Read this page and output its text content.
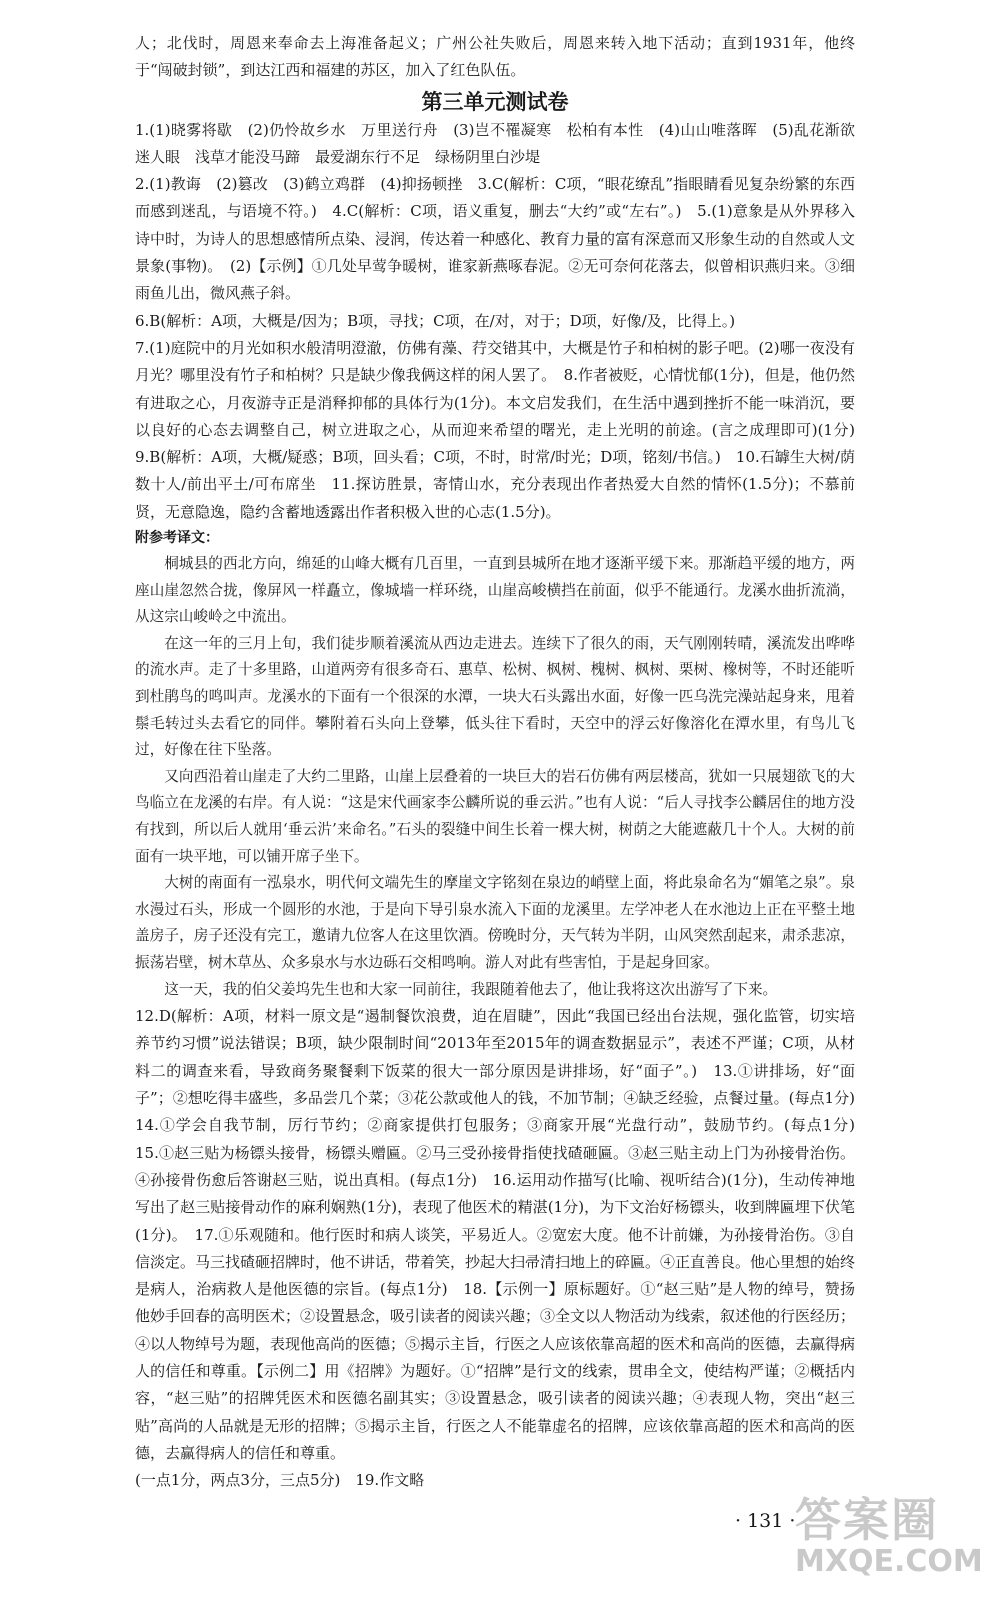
人；北伐时，周恩来奉命去上海准备起义；广州公社失败后，周恩来转入地下活动；直到1931年，他终于“闯破封锁”，到达江西和福建的苏区，加入了红色队伍。

第三单元测试卷

1.(1)晓雾将歇　(2)仍怜故乡水　万里送行舟　(3)岂不罹凝寒　松柏有本性　(4)山山唯落晖　(5)乱花渐欲迷人眼　浅草才能没马蹄　最爱湖东行不足　绿杨阴里白沙堤

2.(1)教诲　(2)篡改　(3)鹤立鸡群　(4)抑扬顿挫　3.C(解析：C项，“眼花缭乱”指眼睛看见复杂纷繁的东西而感到迷乱，与语境不符。)　4.C(解析：C项，语义重复，删去“大约”或“左右”。)　5.(1)意象是从外界移入诗中时，为诗人的思想感情所点染、浸润，传达着一种感化、教育力量的富有深意而又形象生动的自然或人文景象(事物)。　(2)【示例】①几处早莺争暖树，谁家新燕啄春泥。②无可奈何花落去，似曾相识燕归来。③细雨鱼儿出，微风燕子斜。

6.B(解析：A项，大概是/因为；B项，寻找；C项，在/对，对于；D项，好像/及，比得上。)

7.(1)庭院中的月光如积水般清明澄澈，仿佛有藻、荇交错其中，大概是竹子和柏树的影子吧。(2)哪一夜没有月光？哪里没有竹子和柏树？只是缺少像我俩这样的闲人罢了。　8.作者被贬，心情忧郁(1分)，但是，他仍然有进取之心，月夜游寺正是消释抑郁的具体行为(1分)。本文启发我们，在生活中遇到挫折不能一味消沉，要以良好的心态去调整自己，树立进取之心，从而迎来希望的曙光，走上光明的前途。(言之成理即可)(1分)　9.B(解析：A项，大概/疑惑；B项，回头看；C项，不时，时常/时光；D项，铭刻/书信。)　10.石罅生大树/荫数十人/前出平土/可布席坐　11.探访胜景，寄情山水，充分表现出作者热爱大自然的情怀(1.5分)；不慕前贤，无意隐逸，隐约含蓄地透露出作者积极入世的心志(1.5分)。

附参考译文：

桐城县的西北方向，绵延的山峰大概有几百里，一直到县城所在地才逐渐平缓下来。那渐趋平缓的地方，两座山崖忽然合拢，像屏风一样矗立，像城墙一样环绕，山崖高峻横挡在前面，似乎不能通行。龙溪水曲折流淌，从这宗山峻岭之中流出。

在这一年的三月上旬，我们徒步顺着溪流从西边走进去。连续下了很久的雨，天气刚刚转晴，溪流发出哗哗的流水声。走了十多里路，山道两旁有很多奇石、惠草、松树、枫树、槐树、枫树、栗树、橡树等，不时还能听到杜鹃鸟的鸣叫声。龙溪水的下面有一个很深的水潭，一块大石头露出水面，好像一匹乌洗完澡站起身来，甩着鬃毛转过头去看它的同伴。攀附着石头向上登攀，低头往下看时，天空中的浮云好像溶化在潭水里，有鸟儿飞过，好像在往下坠落。

又向西沿着山崖走了大约二里路，山崖上层叠着的一块巨大的岩石仿佛有两层楼高，犹如一只展翅欲飞的大鸟临立在龙溪的右岸。有人说：“这是宋代画家李公麟所说的垂云沜。”也有人说：“后人寻找李公麟居住的地方没有找到，所以后人就用‘垂云沜’来命名。”石头的裂缝中间生长着一棵大树，树荫之大能遮蔽几十个人。大树的前面有一块平地，可以铺开席子坐下。

大树的南面有一泓泉水，明代何文端先生的摩崖文字铭刻在泉边的峭壁上面，将此泉命名为“媚笔之泉”。泉水漫过石头，形成一个圆形的水池，于是向下导引泉水流入下面的龙溪里。左学冲老人在水池边上正在平整土地盖房子，房子还没有完工，邀请九位客人在这里饮酒。傍晚时分，天气转为半阴，山风突然刮起来，肃杀悲凉，振荡岩壁，树木草丛、众多泉水与水边砾石交相鸣响。游人对此有些害怕，于是起身回家。

这一天，我的伯父姜坞先生也和大家一同前往，我跟随着他去了，他让我将这次出游写了下来。

12.D(解析：A项，材料一原文是“遏制餐饮浪费，迫在眉睫”，因此“我国已经出台法规，强化监管，切实培养节约习惯”说法错误；B项，缺少限制时间“2013年至2015年的调查数据显示”，表述不严谨；C项，从材料二的调查来看，导致商务聚餐剩下饭菜的很大一部分原因是讲排场，好“面子”。)　13.①讲排场，好“面子”；②想吃得丰盛些，多品尝几个菜；③花公款或他人的钱，不加节制；④缺乏经验，点餐过量。(每点1分)　14.①学会自我节制，厉行节约；②商家提供打包服务；③商家开展“光盘行动”，鼓励节约。(每点1分)　15.①赵三贴为杨镖头接骨，杨镖头赠匾。②马三受孙接骨指使找碴砸匾。③赵三贴主动上门为孙接骨治伤。④孙接骨伤愈后答谢赵三贴，说出真相。(每点1分)　16.运用动作描写(比喻、视听结合)(1分)，生动传神地写出了赵三贴接骨动作的麻利娴熟(1分)，表现了他医术的精湛(1分)，为下文治好杨镖头，收到牌匾埋下伏笔(1分)。　17.①乐观随和。他行医时和病人谈笑，平易近人。②宽宏大度。他不计前嫌，为孙接骨治伤。③自信淡定。马三找碴砸招牌时，他不讲话，带着笑，抄起大扫帚清扫地上的碎匾。④正直善良。他心里想的始终是病人，治病救人是他医德的宗旨。(每点1分)　18.【示例一】原标题好。①“赵三贴”是人物的绰号，赞扬他妙手回春的高明医术；②设置悬念，吸引读者的阅读兴趣；③全文以人物活动为线索，叙述他的行医经历；④以人物绰号为题，表现他高尚的医德；⑤揭示主旨，行医之人应该依靠高超的医术和高尚的医德，去赢得病人的信任和尊重。【示例二】用《招牌》为题好。①“招牌”是行文的线索，贯串全文，使结构严谨；②概括内容，“赵三贴”的招牌凭医术和医德名副其实；③设置悬念，吸引读者的阅读兴趣；④表现人物，突出“赵三贴”高尚的人品就是无形的招牌；⑤揭示主旨，行医之人不能靠虚名的招牌，应该依靠高超的医术和高尚的医德，去赢得病人的信任和尊重。

(一点1分，两点3分，三点5分)　19.作文略

· 131 · 答案圈
MXQE.COM
